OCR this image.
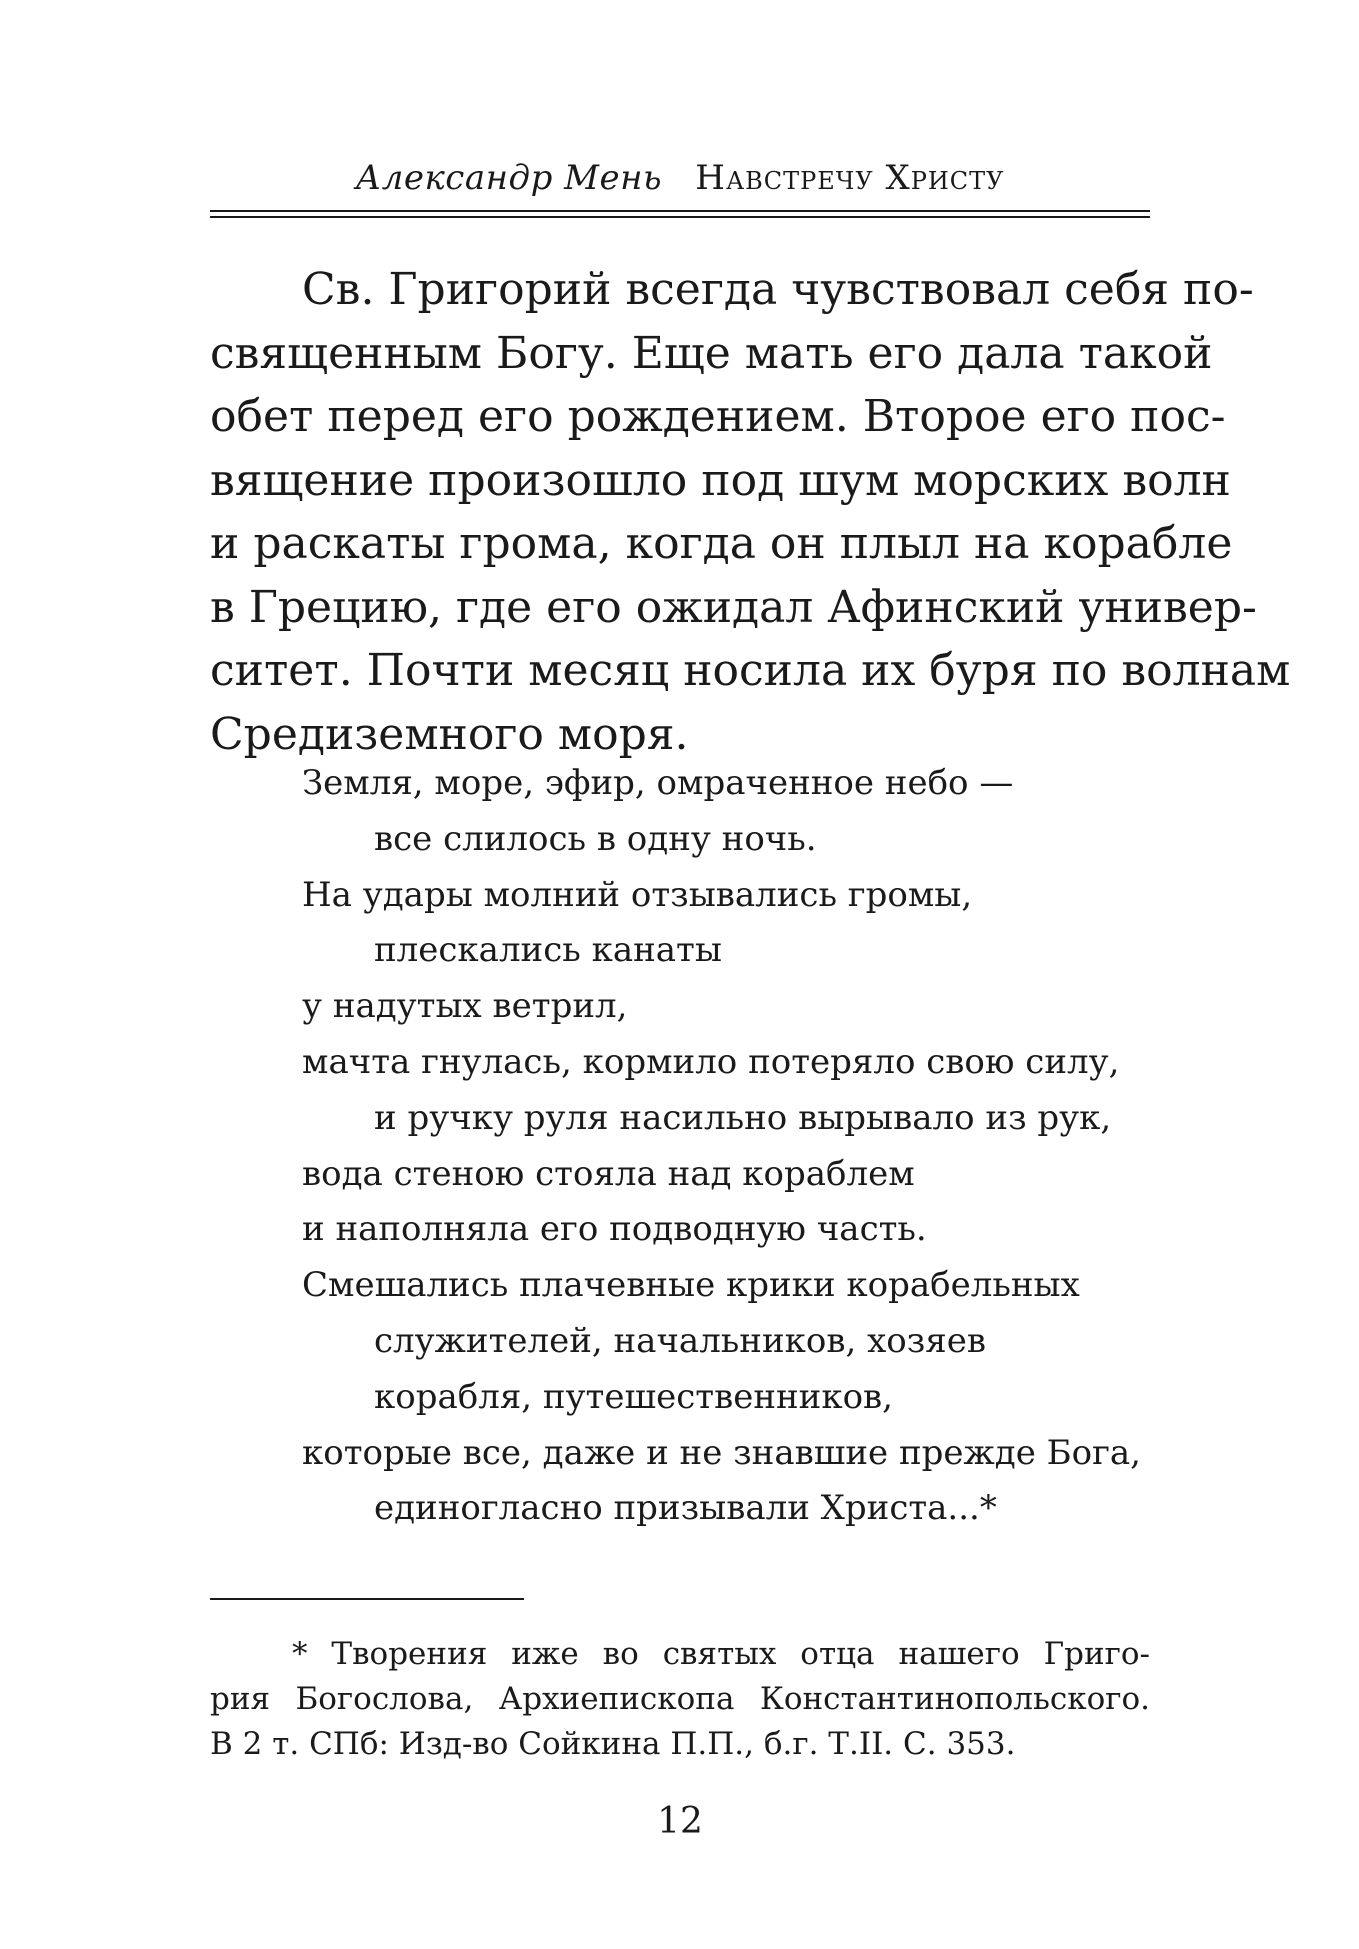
Александр Мень Навстречу Христу
Св. Григорий всегда чувствовал себя по-
священным Богу. Еще мать его дала такой
обет перед его рождением. Второе его пос-
вящение произошло под шум морских волн
и раскаты грома, когда он плыл на корабле
в Грецию, где его ожидал Афинский универ-
ситет. Почти месяц носила их буря по волнам
Средиземного моря.
Земля, море, эфир, омраченное небо —
все слилось в одну ночь.
На удары молний отзывались громы,
плескались канаты
у надутых ветрил,
мачта гнулась, кормило потеряло свою силу,
и ручку руля насильно вырывало из рук,
вода стеною стояла над кораблем
и наполняла его подводную часть.
Смешались плачевные крики корабельных
служителей, начальников, хозяев
корабля, путешественников,
которые все, даже и не знавшие прежде Бога,
единогласно призывали Христа...*
* Творения иже во святых отца нашего Григо-
рия Богослова, Архиепископа Константинопольского.
В 2 т. СПб: Изд-во Сойкина П.П., б.г. Т.II. С. 353.
12
